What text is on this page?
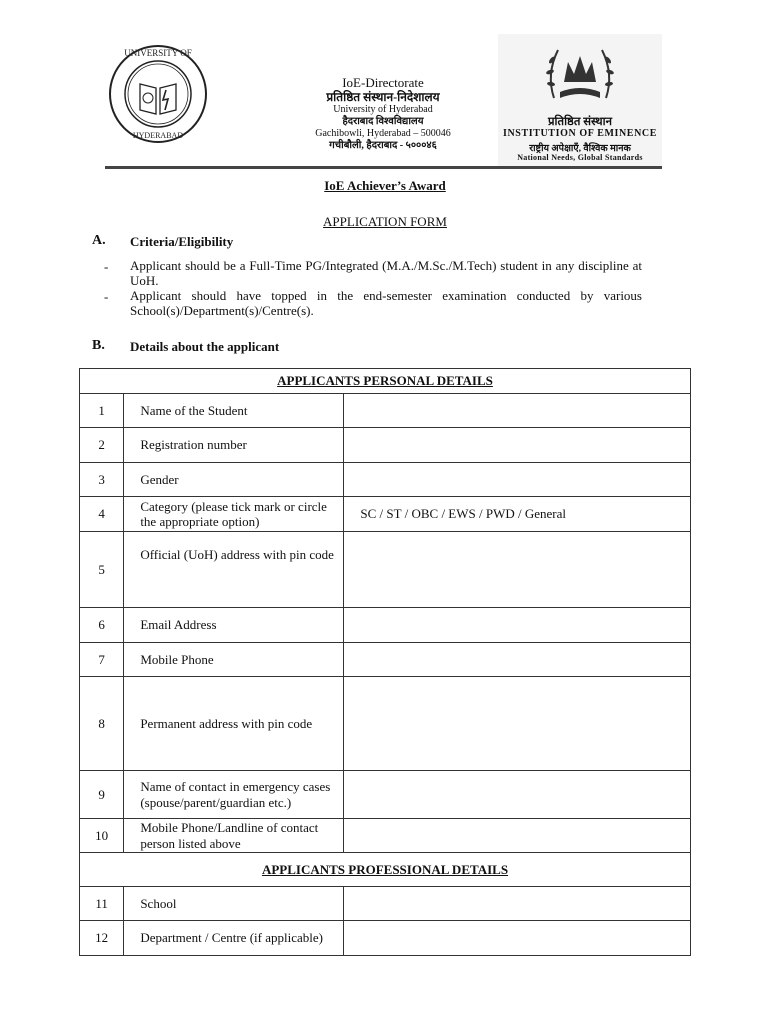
UNIVERSITY OF
HYDERABAD
IoE-Directorate
प्रतिष्ठित संस्थान-निदेशालय
University of Hyderabad
हैदराबाद विश्वविद्यालय
Gachibowli, Hyderabad – 500046
गचीबौली, हैदराबाद - ५०००४६
प्रतिष्ठित संस्थान
INSTITUTION OF EMINENCE
राष्ट्रीय अपेक्षाएँ, वैश्विक मानक
National Needs, Global Standards
IoE Achiever’s Award
APPLICATION FORM
A. Criteria/Eligibility
- Applicant should be a Full-Time PG/Integrated (M.A./M.Sc./M.Tech) student in any discipline at UoH.
- Applicant should have topped in the end-semester examination conducted by various School(s)/Department(s)/Centre(s).
B. Details about the applicant
APPLICANTS PERSONAL DETAILS		
1	Name of the Student	
2	Registration number	
3	Gender	
4	Category (please tick mark or circle the appropriate option)	SC / ST / OBC / EWS / PWD / General
5	Official (UoH) address with pin code	
6	Email Address	
7	Mobile Phone	
8	Permanent address with pin code	
9	Name of contact in emergency cases (spouse/parent/guardian etc.)	
10	Mobile Phone/Landline of contact person listed above	
APPLICANTS PROFESSIONAL DETAILS		
11	School	
12	Department / Centre (if applicable)	
